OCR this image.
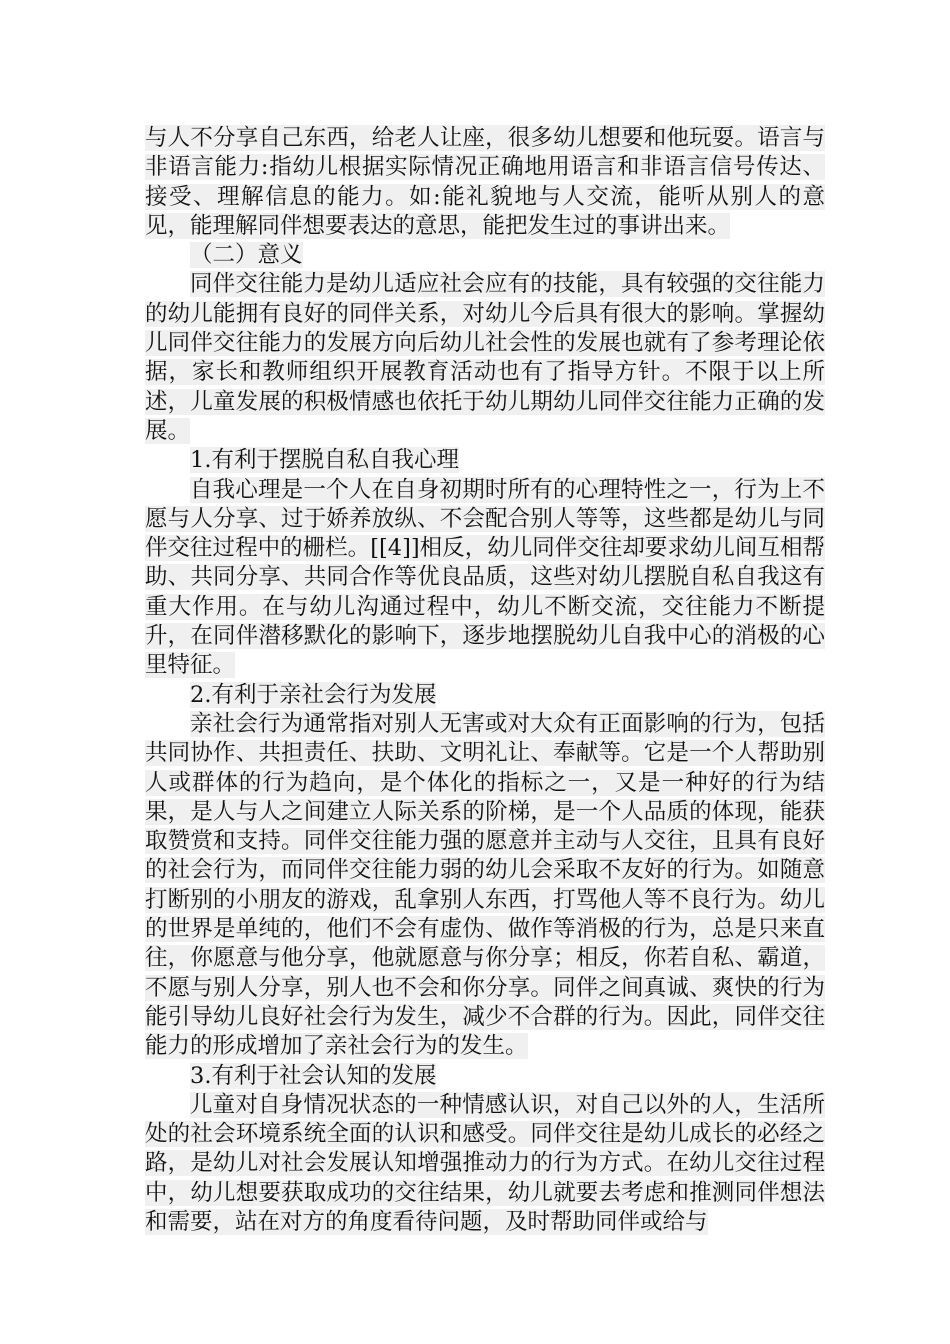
与人不分享自己东西，给老人让座，很多幼儿想要和他玩耍。语言与非语言能力:指幼儿根据实际情况正确地用语言和非语言信号传达、接受、理解信息的能力。如:能礼貌地与人交流，能听从别人的意见，能理解同伴想要表达的意思，能把发生过的事讲出来。

（二）意义

同伴交往能力是幼儿适应社会应有的技能，具有较强的交往能力的幼儿能拥有良好的同伴关系，对幼儿今后具有很大的影响。掌握幼儿同伴交往能力的发展方向后幼儿社会性的发展也就有了参考理论依据，家长和教师组织开展教育活动也有了指导方针。不限于以上所述，儿童发展的积极情感也依托于幼儿期幼儿同伴交往能力正确的发展。

1.有利于摆脱自私自我心理

自我心理是一个人在自身初期时所有的心理特性之一，行为上不愿与人分享、过于娇养放纵、不会配合别人等等，这些都是幼儿与同伴交往过程中的栅栏。[[4]]相反，幼儿同伴交往却要求幼儿间互相帮助、共同分享、共同合作等优良品质，这些对幼儿摆脱自私自我这有重大作用。在与幼儿沟通过程中，幼儿不断交流，交往能力不断提升，在同伴潜移默化的影响下，逐步地摆脱幼儿自我中心的消极的心里特征。

2.有利于亲社会行为发展

亲社会行为通常指对别人无害或对大众有正面影响的行为，包括共同协作、共担责任、扶助、文明礼让、奉献等。它是一个人帮助别人或群体的行为趋向，是个体化的指标之一，又是一种好的行为结果，是人与人之间建立人际关系的阶梯，是一个人品质的体现，能获取赞赏和支持。同伴交往能力强的愿意并主动与人交往，且具有良好的社会行为，而同伴交往能力弱的幼儿会采取不友好的行为。如随意打断别的小朋友的游戏，乱拿别人东西，打骂他人等不良行为。幼儿的世界是单纯的，他们不会有虚伪、做作等消极的行为，总是只来直往，你愿意与他分享，他就愿意与你分享；相反，你若自私、霸道，不愿与别人分享，别人也不会和你分享。同伴之间真诚、爽快的行为能引导幼儿良好社会行为发生，减少不合群的行为。因此，同伴交往能力的形成增加了亲社会行为的发生。

3.有利于社会认知的发展

儿童对自身情况状态的一种情感认识，对自己以外的人，生活所处的社会环境系统全面的认识和感受。同伴交往是幼儿成长的必经之路，是幼儿对社会发展认知增强推动力的行为方式。在幼儿交往过程中，幼儿想要获取成功的交往结果，幼儿就要去考虑和推测同伴想法和需要，站在对方的角度看待问题，及时帮助同伴或给与
